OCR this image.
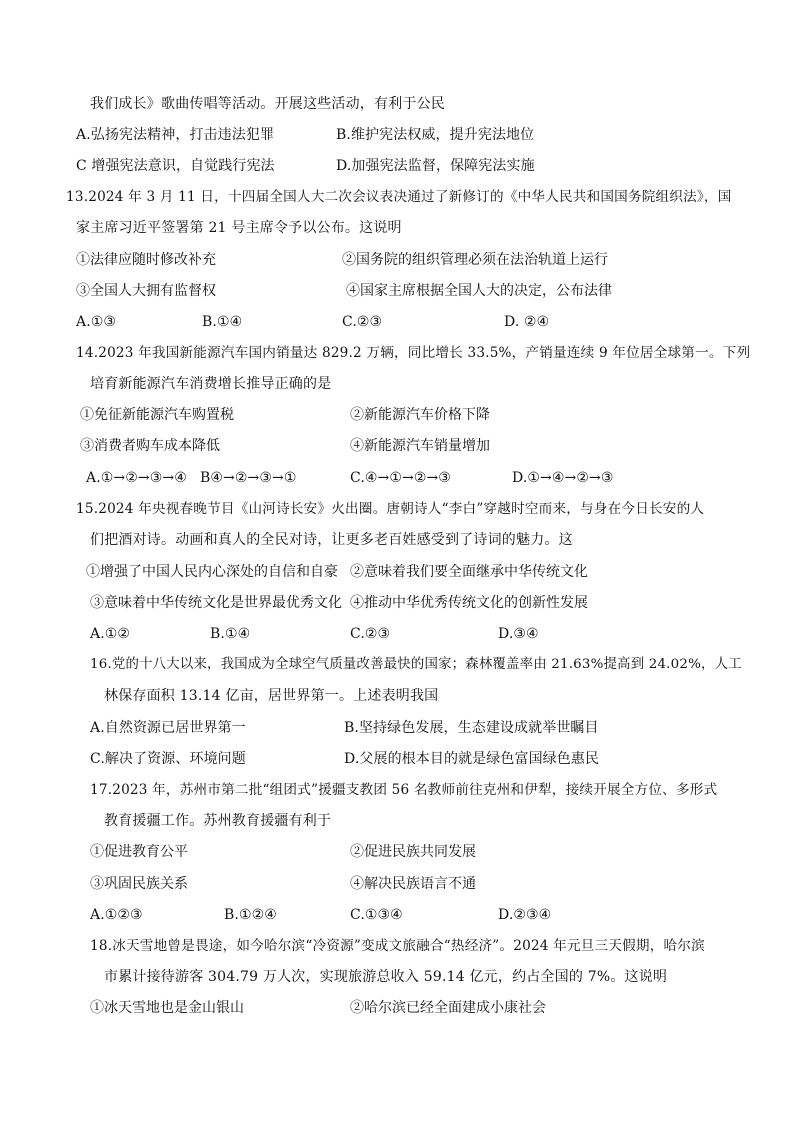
我们成长》歌曲传唱等活动。开展这些活动，有利于公民
A.弘扬宪法精神，打击违法犯罪	B.维护宪法权威，提升宪法地位
C 增强宪法意识，自觉践行宪法	D.加强宪法监督，保障宪法实施
13.2024 年 3 月 11 日，十四届全国人大二次会议表决通过了新修订的《中华人民共和国国务院组织法》，国
家主席习近平签署第 21 号主席令予以公布。这说明
①法律应随时修改补充	②国务院的组织管理必须在法治轨道上运行
③全国人大拥有监督权	④国家主席根据全国人大的决定，公布法律
A.①③	B.①④	C.②③	D. ②④
14.2023 年我国新能源汽车国内销量达 829.2 万辆，同比增长 33.5%，产销量连续 9 年位居全球第一。下列
培育新能源汽车消费增长推导正确的是
①免征新能源汽车购置税	②新能源汽车价格下降
③消费者购车成本降低	④新能源汽车销量增加
A.①→②→③→④ B④→②→③→①	C.④→①→②→③	D.①→④→②→③
15.2024 年央视春晚节目《山河诗长安》火出圈。唐朝诗人“李白”穿越时空而来，与身在今日长安的人
们把酒对诗。动画和真人的全民对诗，让更多老百姓感受到了诗词的魅力。这
①增强了中国人民内心深处的自信和自豪 ②意味着我们要全面继承中华传统文化
③意味着中华传统文化是世界最优秀文化 ④推动中华优秀传统文化的创新性发展
A.①②	B.①④	C.②③	D.③④
16.党的十八大以来，我国成为全球空气质量改善最快的国家；森林覆盖率由 21.63%提高到 24.02%，人工
林保存面积 13.14 亿亩，居世界第一。上述表明我国
A.自然资源已居世界第一	B.坚持绿色发展，生态建设成就举世瞩目
C.解决了资源、环境问题	D.父展的根本目的就是绿色富国绿色惠民
17.2023 年，苏州市第二批“组团式”援疆支教团 56 名教师前往克州和伊犁，接续开展全方位、多形式
教育援疆工作。苏州教育援疆有利于
①促进教育公平	②促进民族共同发展
③巩固民族关系	④解决民族语言不通
A.①②③	B.①②④	C.①③④	D.②③④
18.冰天雪地曾是畏途，如今哈尔滨“冷资源”变成文旅融合“热经济”。2024 年元旦三天假期，哈尔滨
市累计接待游客 304.79 万人次，实现旅游总收入 59.14 亿元，约占全国的 7%。这说明
①冰天雪地也是金山银山	②哈尔滨已经全面建成小康社会
